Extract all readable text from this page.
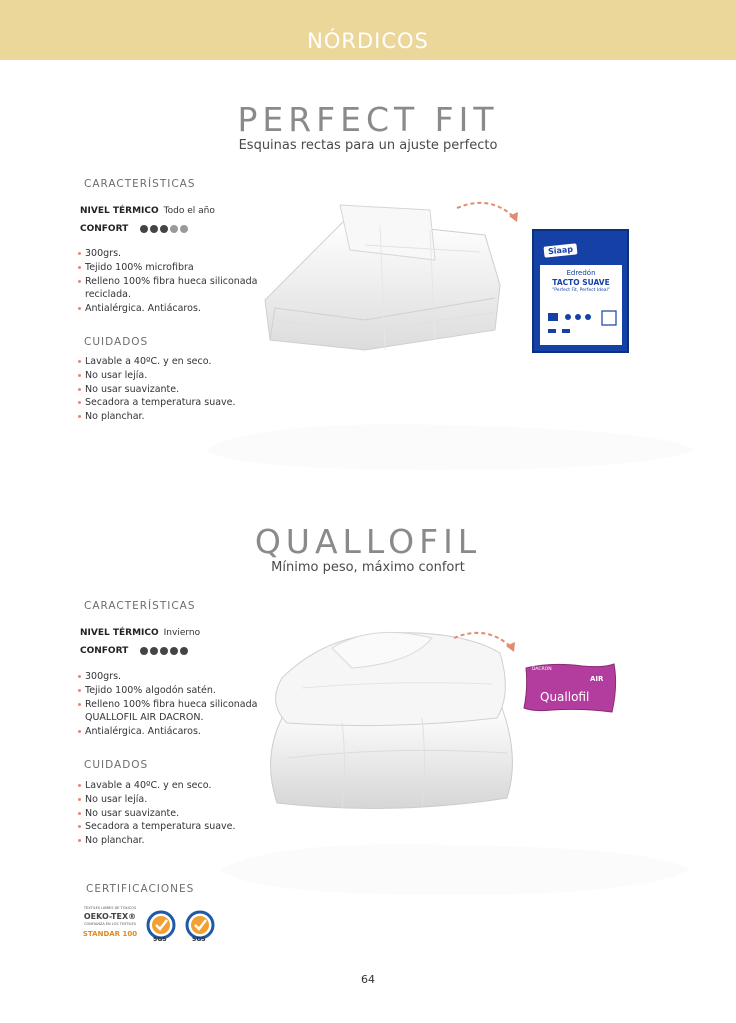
NÓRDICOS
PERFECT FIT
Esquinas rectas para un ajuste perfecto
CARACTERÍSTICAS
NIVEL TÉRMICO Todo el año
CONFORT
300grs.
Tejido 100% microfibra
Relleno 100% fibra hueca siliconada
reciclada.
Antialérgica. Antiácaros.
CUIDADOS
Lavable a 40ºC. y en seco.
No usar lejía.
No usar suavizante.
Secadora a temperatura suave.
No planchar.
Sîaap
Edredón
TACTO SUAVE
"Perfect Fit, Perfect Ideal"
QUALLOFIL
Mínimo peso, máximo confort
CARACTERÍSTICAS
NIVEL TÉRMICO Invierno
CONFORT
300grs.
Tejido 100% algodón satén.
Relleno 100% fibra hueca siliconada
QUALLOFIL AIR DACRON.
Antialérgica. Antiácaros.
CUIDADOS
Lavable a 40ºC. y en seco.
No usar lejía.
No usar suavizante.
Secadora a temperatura suave.
No planchar.
DACRON
AIR
Quallofil
CERTIFICACIONES
TEXTILES LIBRES DE TÓXICOS
OEKO-TEX®
CONFIANZA EN LOS TEXTILES
STANDAR 100
SGS	SGS
64
